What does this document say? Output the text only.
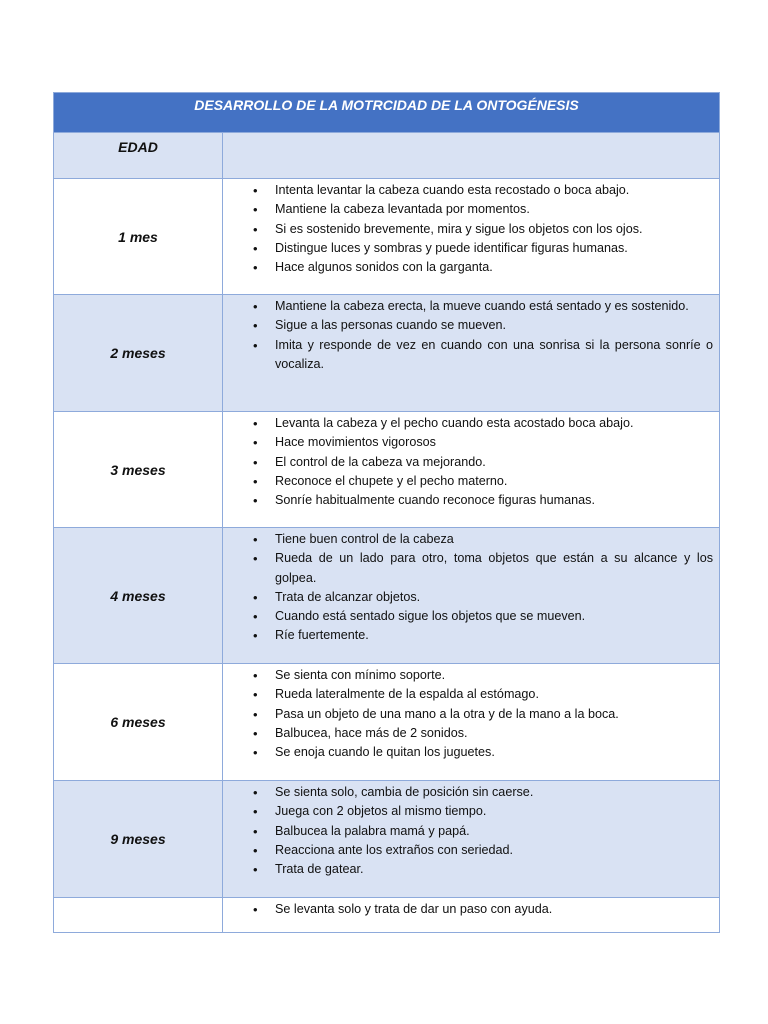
DESARROLLO DE LA MOTRCIDAD DE LA ONTOGÉNESIS
EDAD
1 mes
• Intenta levantar la cabeza cuando esta recostado o boca abajo.
• Mantiene la cabeza levantada por momentos.
• Si es sostenido brevemente, mira y sigue los objetos con los ojos.
• Distingue luces y sombras y puede identificar figuras humanas.
• Hace algunos sonidos con la garganta.
2 meses
• Mantiene la cabeza erecta, la mueve cuando está sentado y es sostenido.
• Sigue a las personas cuando se mueven.
• Imita y responde de vez en cuando con una sonrisa si la persona sonríe o vocaliza.
3 meses
• Levanta la cabeza y el pecho cuando esta acostado boca abajo.
• Hace movimientos vigorosos
• El control de la cabeza va mejorando.
• Reconoce el chupete y el pecho materno.
• Sonríe habitualmente cuando reconoce figuras humanas.
4 meses
• Tiene buen control de la cabeza
• Rueda de un lado para otro, toma objetos que están a su alcance y los golpea.
• Trata de alcanzar objetos.
• Cuando está sentado sigue los objetos que se mueven.
• Ríe fuertemente.
6 meses
• Se sienta con mínimo soporte.
• Rueda lateralmente de la espalda al estómago.
• Pasa un objeto de una mano a la otra y de la mano a la boca.
• Balbucea, hace más de 2 sonidos.
• Se enoja cuando le quitan los juguetes.
9 meses
• Se sienta solo, cambia de posición sin caerse.
• Juega con 2 objetos al mismo tiempo.
• Balbucea la palabra mamá y papá.
• Reacciona ante los extraños con seriedad.
• Trata de gatear.
• Se levanta solo y trata de dar un paso con ayuda.
